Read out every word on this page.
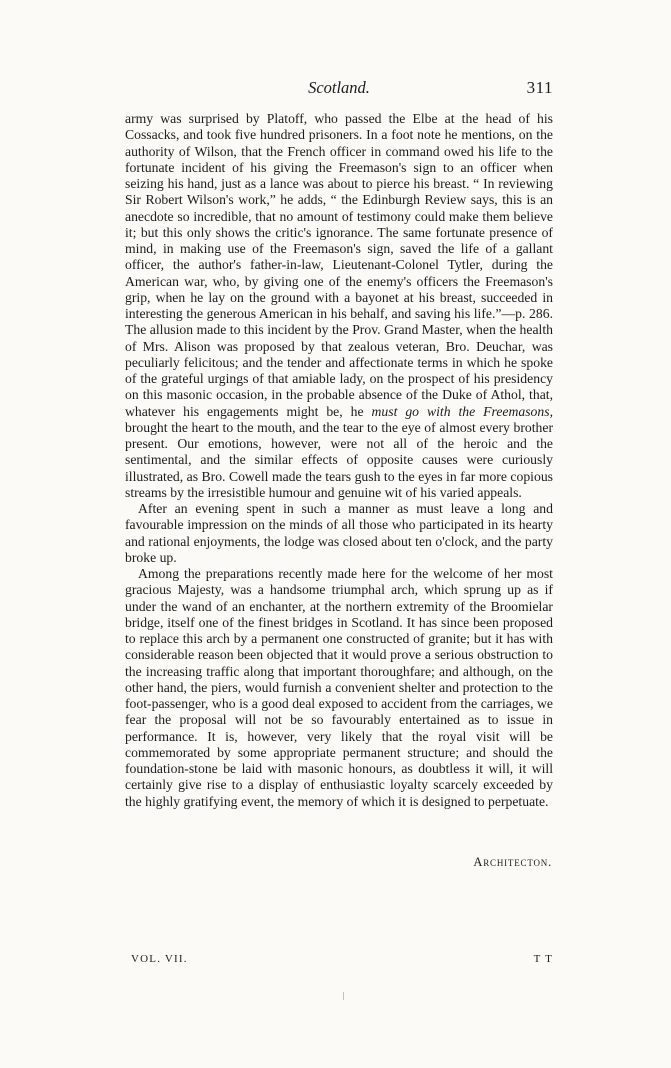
Scotland.	311

army was surprised by Platoff, who passed the Elbe at the head of his Cossacks, and took five hundred prisoners. In a foot note he mentions, on the authority of Wilson, that the French officer in command owed his life to the fortunate incident of his giving the Freemason's sign to an officer when seizing his hand, just as a lance was about to pierce his breast. “ In reviewing Sir Robert Wilson's work,” he adds, “ the Edinburgh Review says, this is an anecdote so incredible, that no amount of testimony could make them believe it; but this only shows the critic's ignorance. The same fortunate presence of mind, in making use of the Freemason's sign, saved the life of a gallant officer, the author's father-in-law, Lieutenant-Colonel Tytler, during the American war, who, by giving one of the enemy's officers the Freemason's grip, when he lay on the ground with a bayonet at his breast, succeeded in interesting the generous American in his behalf, and saving his life.”—p. 286. The allusion made to this incident by the Prov. Grand Master, when the health of Mrs. Alison was proposed by that zealous veteran, Bro. Deuchar, was peculiarly felicitous; and the tender and affectionate terms in which he spoke of the grateful urgings of that amiable lady, on the prospect of his presidency on this masonic occasion, in the probable absence of the Duke of Athol, that, whatever his engagements might be, he must go with the Freemasons, brought the heart to the mouth, and the tear to the eye of almost every brother present. Our emotions, however, were not all of the heroic and the sentimental, and the similar effects of opposite causes were curiously illustrated, as Bro. Cowell made the tears gush to the eyes in far more copious streams by the irresistible humour and genuine wit of his varied appeals.

After an evening spent in such a manner as must leave a long and favourable impression on the minds of all those who participated in its hearty and rational enjoyments, the lodge was closed about ten o'clock, and the party broke up.

Among the preparations recently made here for the welcome of her most gracious Majesty, was a handsome triumphal arch, which sprung up as if under the wand of an enchanter, at the northern extremity of the Broomielar bridge, itself one of the finest bridges in Scotland. It has since been proposed to replace this arch by a permanent one constructed of granite; but it has with considerable reason been objected that it would prove a serious obstruction to the increasing traffic along that important thoroughfare; and although, on the other hand, the piers, would furnish a convenient shelter and protection to the foot-passenger, who is a good deal exposed to accident from the carriages, we fear the proposal will not be so favourably entertained as to issue in performance. It is, however, very likely that the royal visit will be commemorated by some appropriate permanent structure; and should the foundation-stone be laid with masonic honours, as doubtless it will, it will certainly give rise to a display of enthusiastic loyalty scarcely exceeded by the highly gratifying event, the memory of which it is designed to perpetuate.

Architecton.
VOL. VII.	T T
